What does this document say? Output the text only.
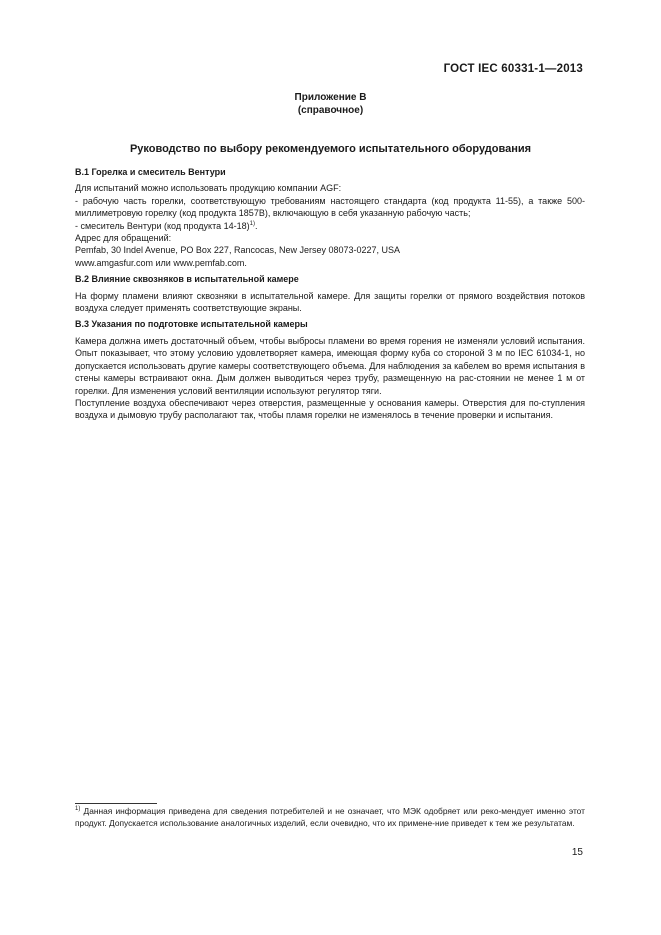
ГОСТ IEC 60331-1—2013
Приложение В
(справочное)
Руководство по выбору рекомендуемого испытательного оборудования

В.1 Горелка и смеситель Вентури

Для испытаний можно использовать продукцию компании AGF:

- рабочую часть горелки, соответствующую требованиям настоящего стандарта (код продукта 11-55), а также 500-миллиметровую горелку (код продукта 1857B), включающую в себя указанную рабочую часть;

- смеситель Вентури (код продукта 14-18)$^{1)}$.

Адрес для обращений:

Pemfab, 30 Indel Avenue, PO Box 227, Rancocas, New Jersey 08073-0227, USA

www.amgasfur.com или www.pemfab.com.

В.2 Влияние сквозняков в испытательной камере

На форму пламени влияют сквозняки в испытательной камере. Для защиты горелки от прямого воздействия потоков воздуха следует применять соответствующие экраны.

В.3 Указания по подготовке испытательной камеры

Камера должна иметь достаточный объем, чтобы выбросы пламени во время горения не изменяли условий испытания. Опыт показывает, что этому условию удовлетворяет камера, имеющая форму куба со стороной 3 м по IEC 61034-1, но допускается использовать другие камеры соответствующего объема. Для наблюдения за кабелем во время испытания в стены камеры встраивают окна. Дым должен выводиться через трубу, размещенную на рас-стоянии не менее 1 м от горелки. Для изменения условий вентиляции используют регулятор тяги.

Поступление воздуха обеспечивают через отверстия, размещенные у основания камеры. Отверстия для по-ступления воздуха и дымовую трубу располагают так, чтобы пламя горелки не изменялось в течение проверки и испытания.

$^{1)}$ Данная информация приведена для сведения потребителей и не означает, что МЭК одобряет или реко-мендует именно этот продукт. Допускается использование аналогичных изделий, если очевидно, что их примене-ние приведет к тем же результатам.

15
